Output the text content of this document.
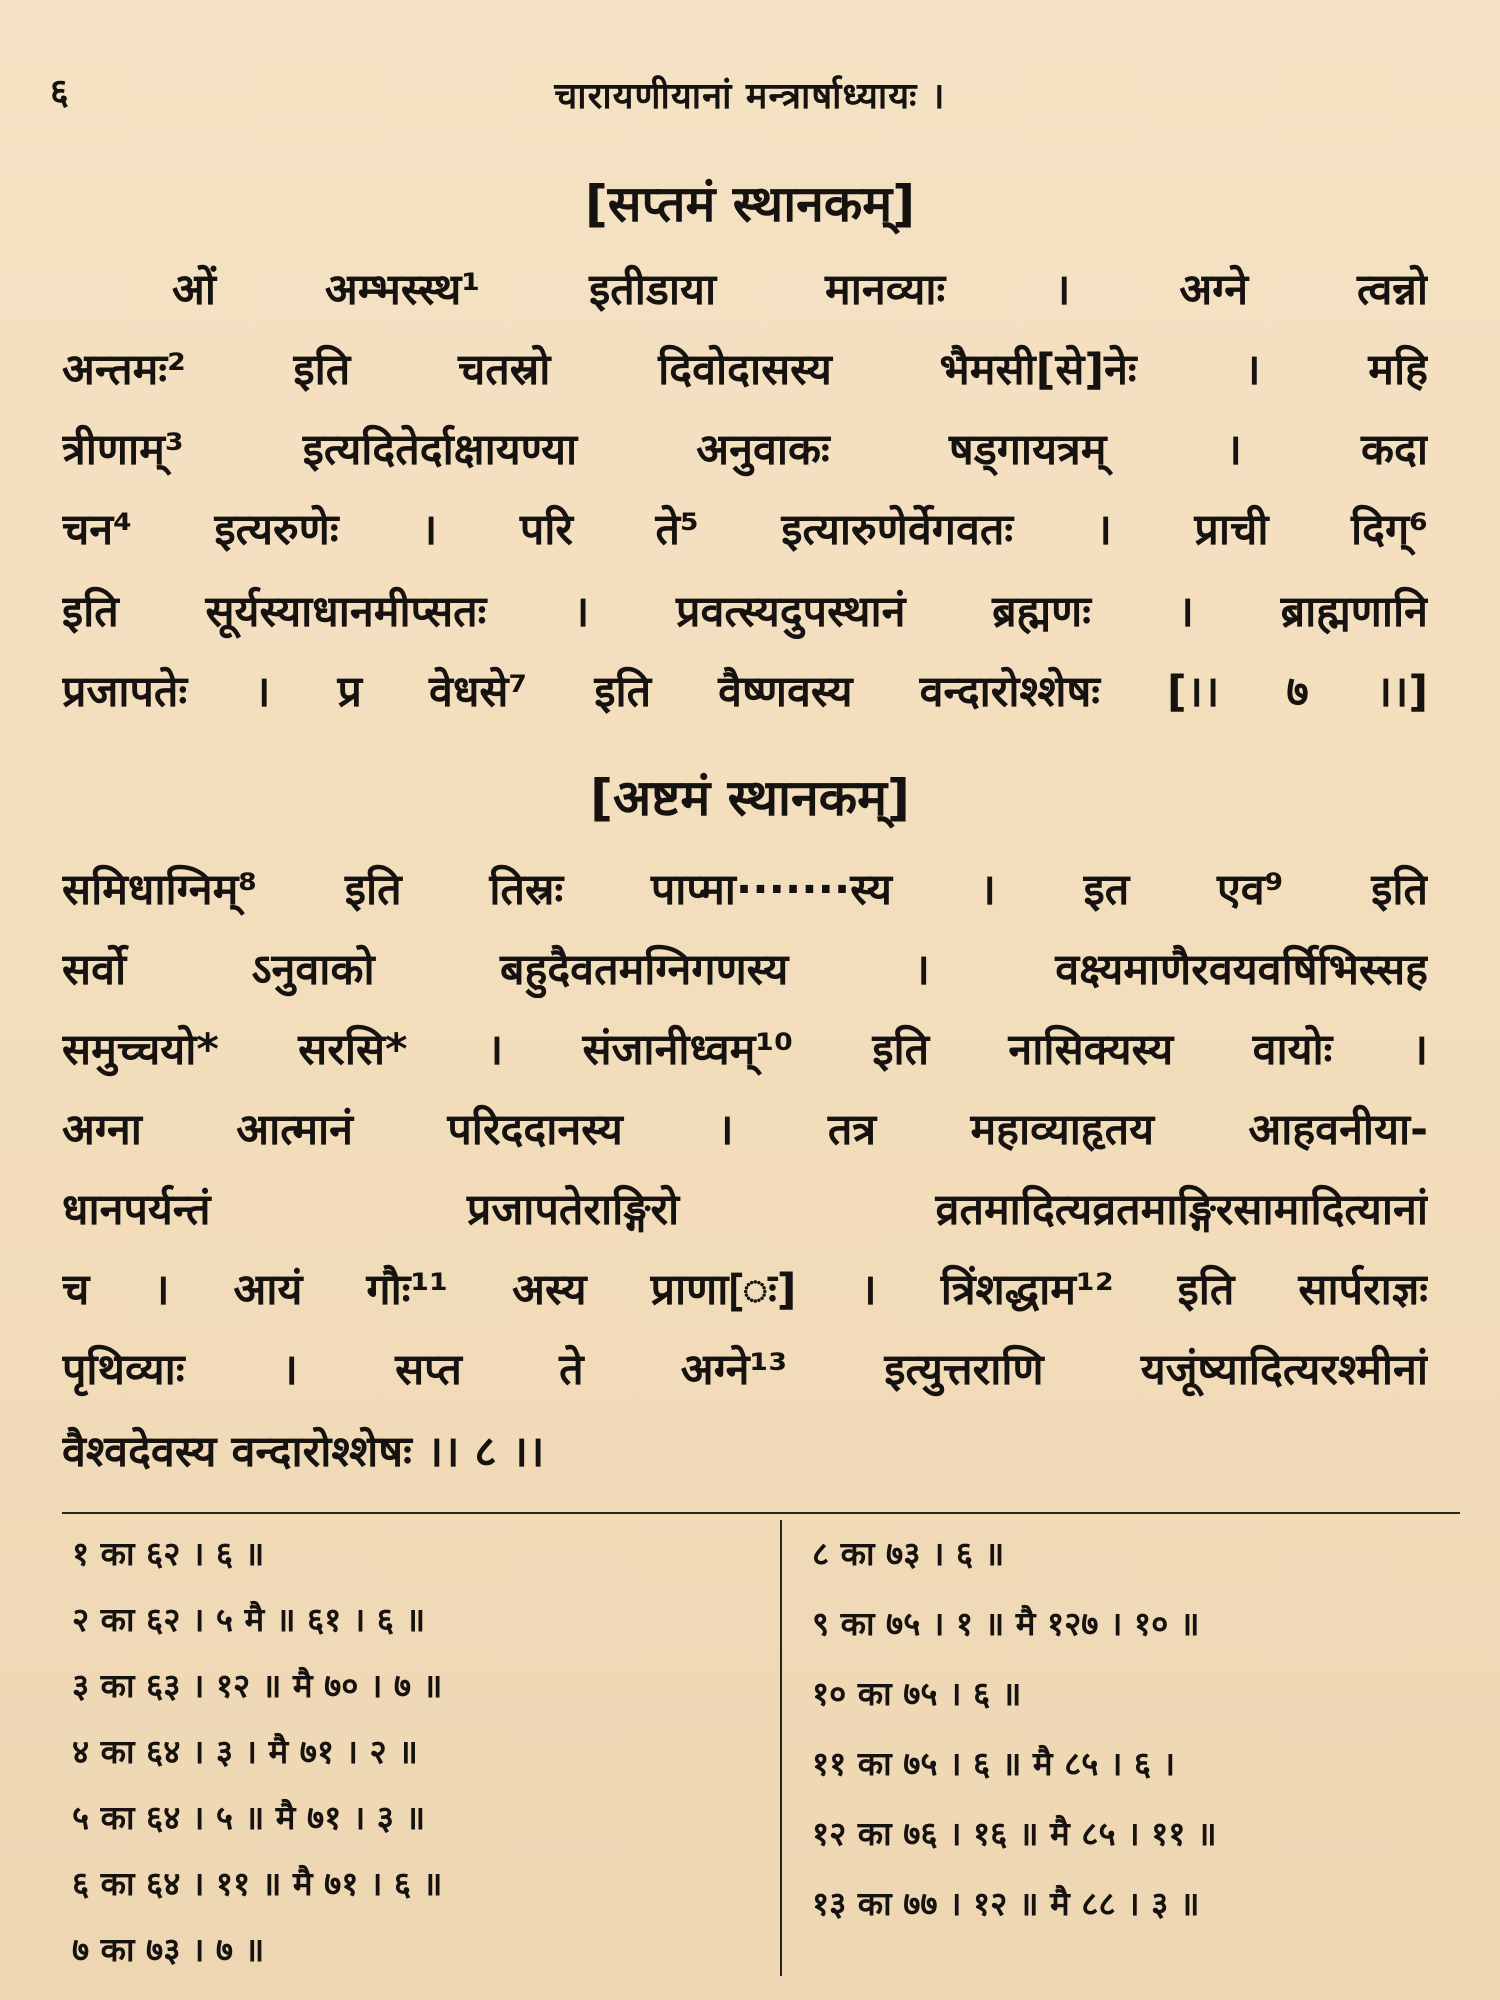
६	चारायणीयानां मन्त्रार्षाध्यायः ।
[सप्तमं स्थानकम्]
ओं अम्भस्स्थ¹ इतीडाया मानव्याः । अग्ने त्वन्नो
अन्तमः² इति चतस्रो दिवोदासस्य भैमसी[से]नेः । महि
त्रीणाम्³ इत्यदितेर्दाक्षायण्या अनुवाकः षड्गायत्रम् । कदा
चन⁴ इत्यरुणेः । परि ते⁵ इत्यारुणेर्वेगवतः । प्राची दिग्⁶
इति सूर्यस्याधानमीप्सतः । प्रवत्स्यदुपस्थानं ब्रह्मणः । ब्राह्मणानि
प्रजापतेः । प्र वेधसे⁷ इति वैष्णवस्य वन्दारोश्शेषः [।। ७ ।।]
[अष्टमं स्थानकम्]
समिधाग्निम्⁸ इति तिस्रः पाप्मा·······स्य । इत एव⁹ इति
सर्वो ऽनुवाको बहुदैवतमग्निगणस्य । वक्ष्यमाणैरवयवर्षिभिस्सह
समुच्चयो* सरसि* । संजानीध्वम्¹⁰ इति नासिक्यस्य वायोः ।
अग्ना आत्मानं परिददानस्य । तत्र महाव्याहृतय आहवनीया-
धानपर्यन्तं प्रजापतेराङ्गिरो व्रतमादित्यव्रतमाङ्गिरसामादित्यानां
च । आयं गौः¹¹ अस्य प्राणा[ः] । त्रिंशद्धाम¹² इति सार्पराज्ञः
पृथिव्याः । सप्त ते अग्ने¹³ इत्युत्तराणि यजूंष्यादित्यरश्मीनां
वैश्वदेवस्य वन्दारोश्शेषः ।। ८ ।।
१ का ६२ । ६ ॥
२ का ६२ । ५ मै ॥ ६१ । ६ ॥
३ का ६३ । १२ ॥ मै ७० । ७ ॥
४ का ६४ । ३ । मै ७१ । २ ॥
५ का ६४ । ५ ॥ मै ७१ । ३ ॥
६ का ६४ । ११ ॥ मै ७१ । ६ ॥
७ का ७३ । ७ ॥
८ का ७३ । ६ ॥
९ का ७५ । १ ॥ मै १२७ । १० ॥
१० का ७५ । ६ ॥
११ का ७५ । ६ ॥ मै ८५ । ६ ।
१२ का ७६ । १६ ॥ मै ८५ । ११ ॥
१३ का ७७ । १२ ॥ मै ८८ । ३ ॥
